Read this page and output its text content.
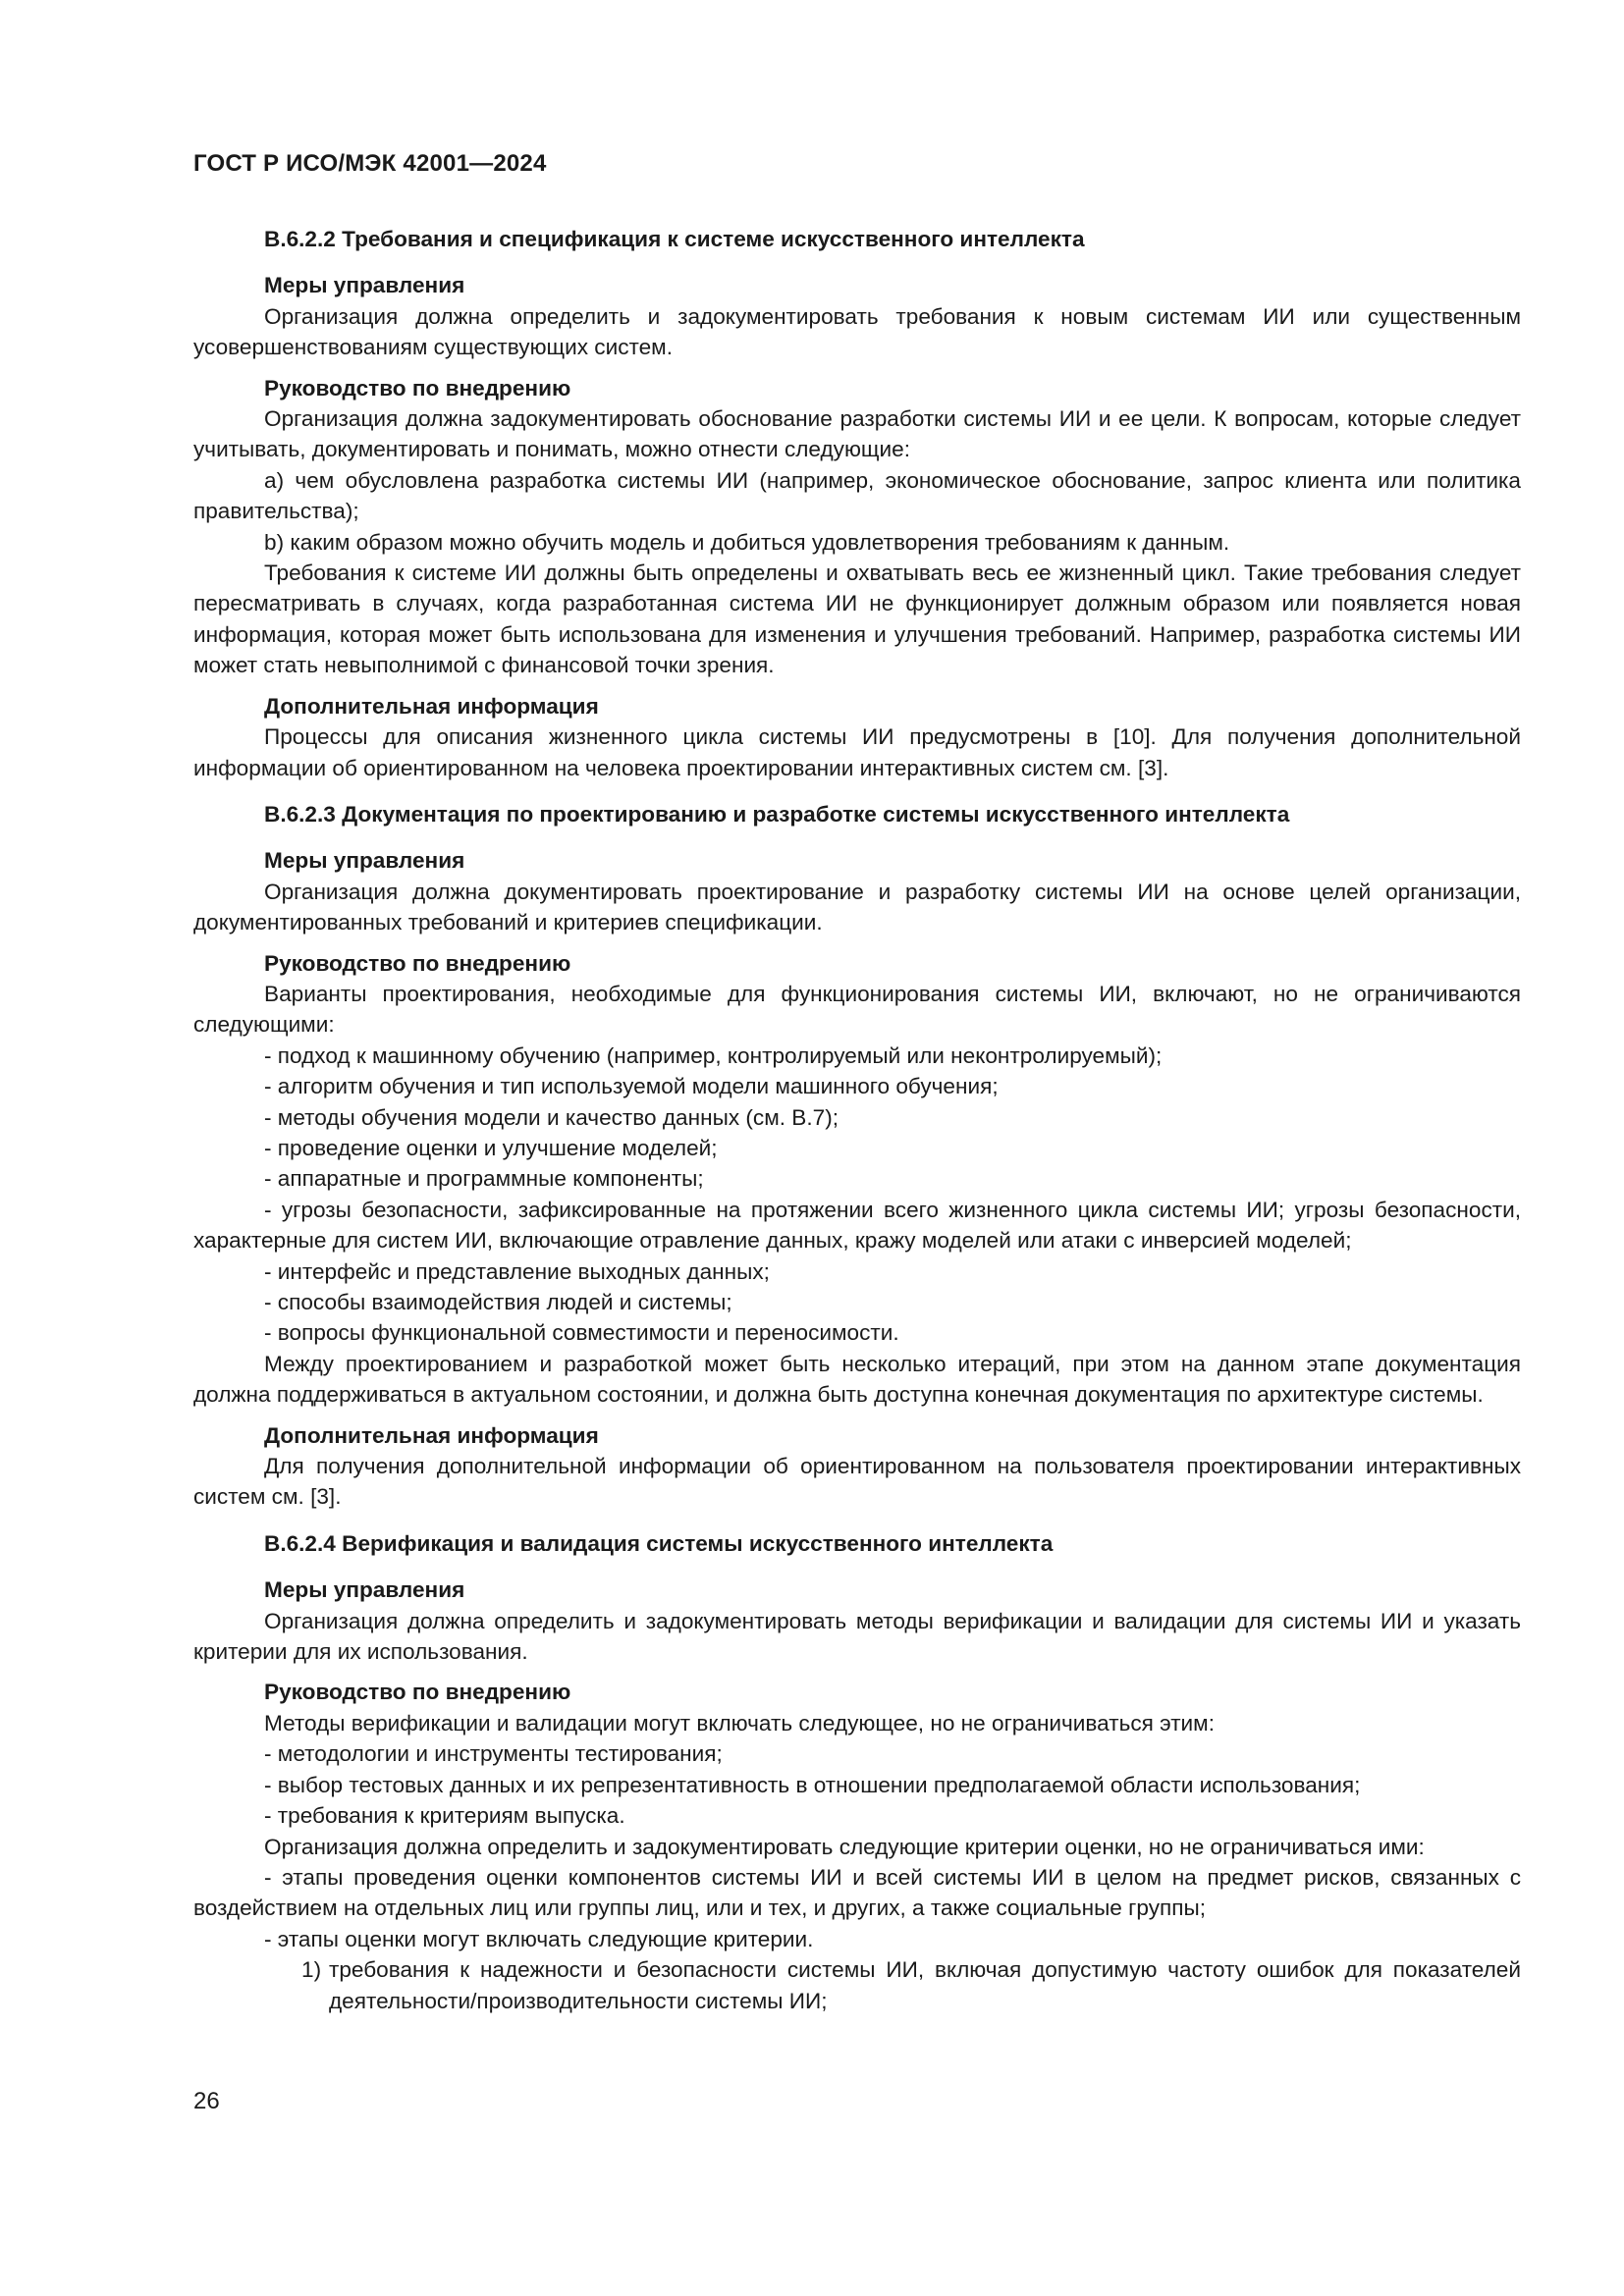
ГОСТ Р ИСО/МЭК 42001—2024
В.6.2.2 Требования и спецификация к системе искусственного интеллекта
Меры управления

Организация должна определить и задокументировать требования к новым системам ИИ или существенным усовершенствованиям существующих систем.

Руководство по внедрению

Организация должна задокументировать обоснование разработки системы ИИ и ее цели. К вопросам, которые следует учитывать, документировать и понимать, можно отнести следующие:

a) чем обусловлена разработка системы ИИ (например, экономическое обоснование, запрос клиента или политика правительства);

b) каким образом можно обучить модель и добиться удовлетворения требованиям к данным.

Требования к системе ИИ должны быть определены и охватывать весь ее жизненный цикл. Такие требования следует пересматривать в случаях, когда разработанная система ИИ не функционирует должным образом или появляется новая информация, которая может быть использована для изменения и улучшения требований. Например, разработка системы ИИ может стать невыполнимой с финансовой точки зрения.

Дополнительная информация

Процессы для описания жизненного цикла системы ИИ предусмотрены в [10]. Для получения дополнительной информации об ориентированном на человека проектировании интерактивных систем см. [3].

В.6.2.3 Документация по проектированию и разработке системы искусственного интеллекта
Меры управления

Организация должна документировать проектирование и разработку системы ИИ на основе целей организации, документированных требований и критериев спецификации.

Руководство по внедрению

Варианты проектирования, необходимые для функционирования системы ИИ, включают, но не ограничиваются следующими:

- подход к машинному обучению (например, контролируемый или неконтролируемый);

- алгоритм обучения и тип используемой модели машинного обучения;

- методы обучения модели и качество данных (см. В.7);

- проведение оценки и улучшение моделей;

- аппаратные и программные компоненты;

- угрозы безопасности, зафиксированные на протяжении всего жизненного цикла системы ИИ; угрозы безопасности, характерные для систем ИИ, включающие отравление данных, кражу моделей или атаки с инверсией моделей;

- интерфейс и представление выходных данных;

- способы взаимодействия людей и системы;

- вопросы функциональной совместимости и переносимости.

Между проектированием и разработкой может быть несколько итераций, при этом на данном этапе документация должна поддерживаться в актуальном состоянии, и должна быть доступна конечная документация по архитектуре системы.

Дополнительная информация

Для получения дополнительной информации об ориентированном на пользователя проектировании интерактивных систем см. [3].

В.6.2.4 Верификация и валидация системы искусственного интеллекта
Меры управления

Организация должна определить и задокументировать методы верификации и валидации для системы ИИ и указать критерии для их использования.

Руководство по внедрению

Методы верификации и валидации могут включать следующее, но не ограничиваться этим:

- методологии и инструменты тестирования;

- выбор тестовых данных и их репрезентативность в отношении предполагаемой области использования;

- требования к критериям выпуска.

Организация должна определить и задокументировать следующие критерии оценки, но не ограничиваться ими:

- этапы проведения оценки компонентов системы ИИ и всей системы ИИ в целом на предмет рисков, связанных с воздействием на отдельных лиц или группы лиц, или и тех, и других, а также социальные группы;

- этапы оценки могут включать следующие критерии.

1) требования к надежности и безопасности системы ИИ, включая допустимую частоту ошибок для показателей деятельности/производительности системы ИИ;
26
